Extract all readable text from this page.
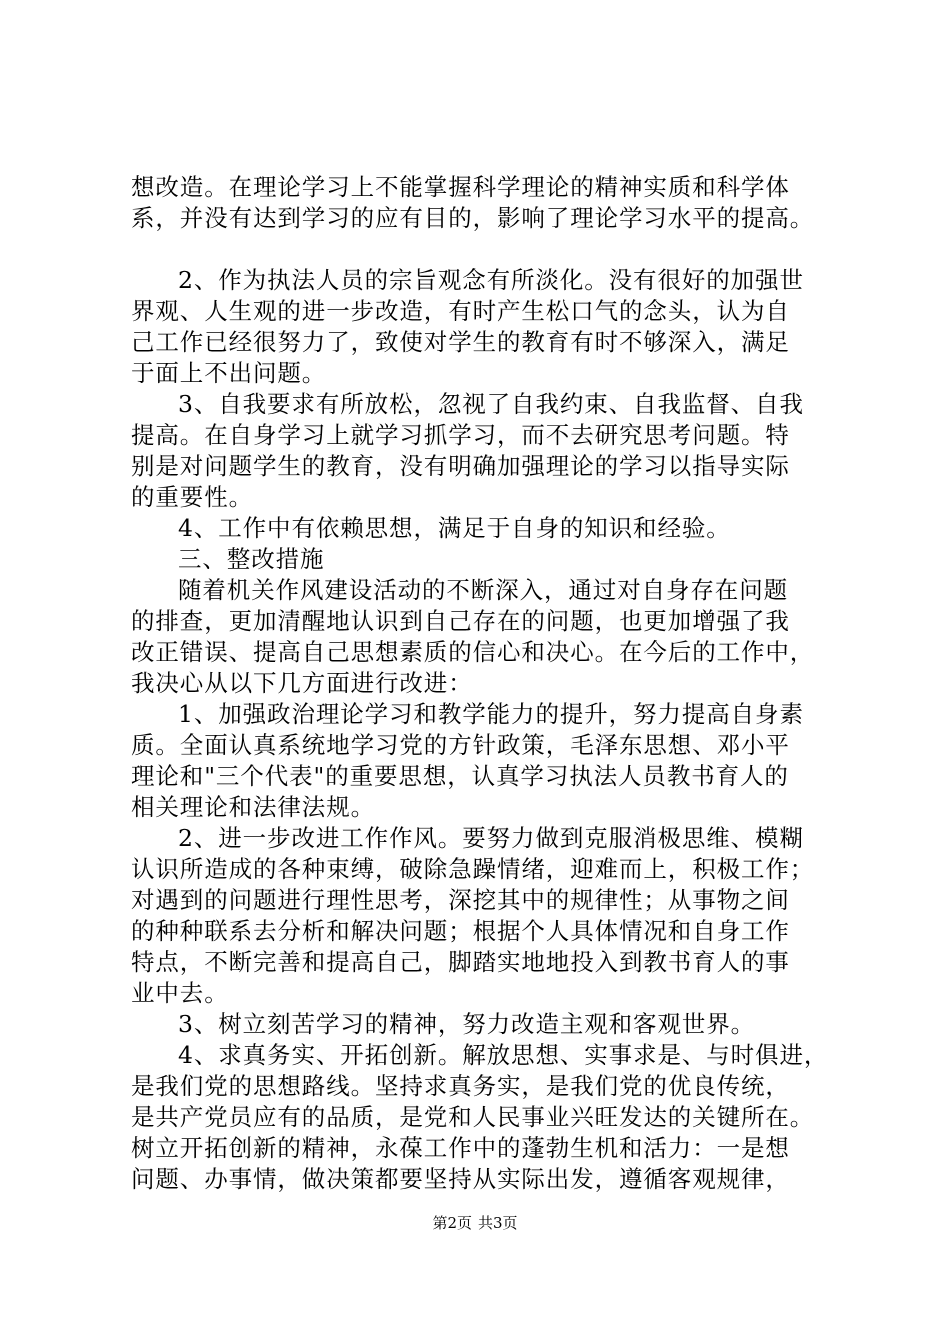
想改造。在理论学习上不能掌握科学理论的精神实质和科学体
系，并没有达到学习的应有目的，影响了理论学习水平的提高。
2、作为执法人员的宗旨观念有所淡化。没有很好的加强世
界观、人生观的进一步改造，有时产生松口气的念头，认为自
己工作已经很努力了，致使对学生的教育有时不够深入，满足
于面上不出问题。
3、自我要求有所放松，忽视了自我约束、自我监督、自我
提高。在自身学习上就学习抓学习，而不去研究思考问题。特
别是对问题学生的教育，没有明确加强理论的学习以指导实际
的重要性。
4、工作中有依赖思想，满足于自身的知识和经验。
三、整改措施
随着机关作风建设活动的不断深入，通过对自身存在问题
的排查，更加清醒地认识到自己存在的问题，也更加增强了我
改正错误、提高自己思想素质的信心和决心。在今后的工作中，
我决心从以下几方面进行改进：
1、加强政治理论学习和教学能力的提升，努力提高自身素
质。全面认真系统地学习党的方针政策，毛泽东思想、邓小平
理论和"三个代表"的重要思想，认真学习执法人员教书育人的
相关理论和法律法规。
2、进一步改进工作作风。要努力做到克服消极思维、模糊
认识所造成的各种束缚，破除急躁情绪，迎难而上，积极工作；
对遇到的问题进行理性思考，深挖其中的规律性；从事物之间
的种种联系去分析和解决问题；根据个人具体情况和自身工作
特点，不断完善和提高自己，脚踏实地地投入到教书育人的事
业中去。
3、树立刻苦学习的精神，努力改造主观和客观世界。
4、求真务实、开拓创新。解放思想、实事求是、与时俱进，
是我们党的思想路线。坚持求真务实，是我们党的优良传统，
是共产党员应有的品质，是党和人民事业兴旺发达的关键所在。
树立开拓创新的精神，永葆工作中的蓬勃生机和活力：一是想
问题、办事情，做决策都要坚持从实际出发，遵循客观规律，
第2页 共3页
